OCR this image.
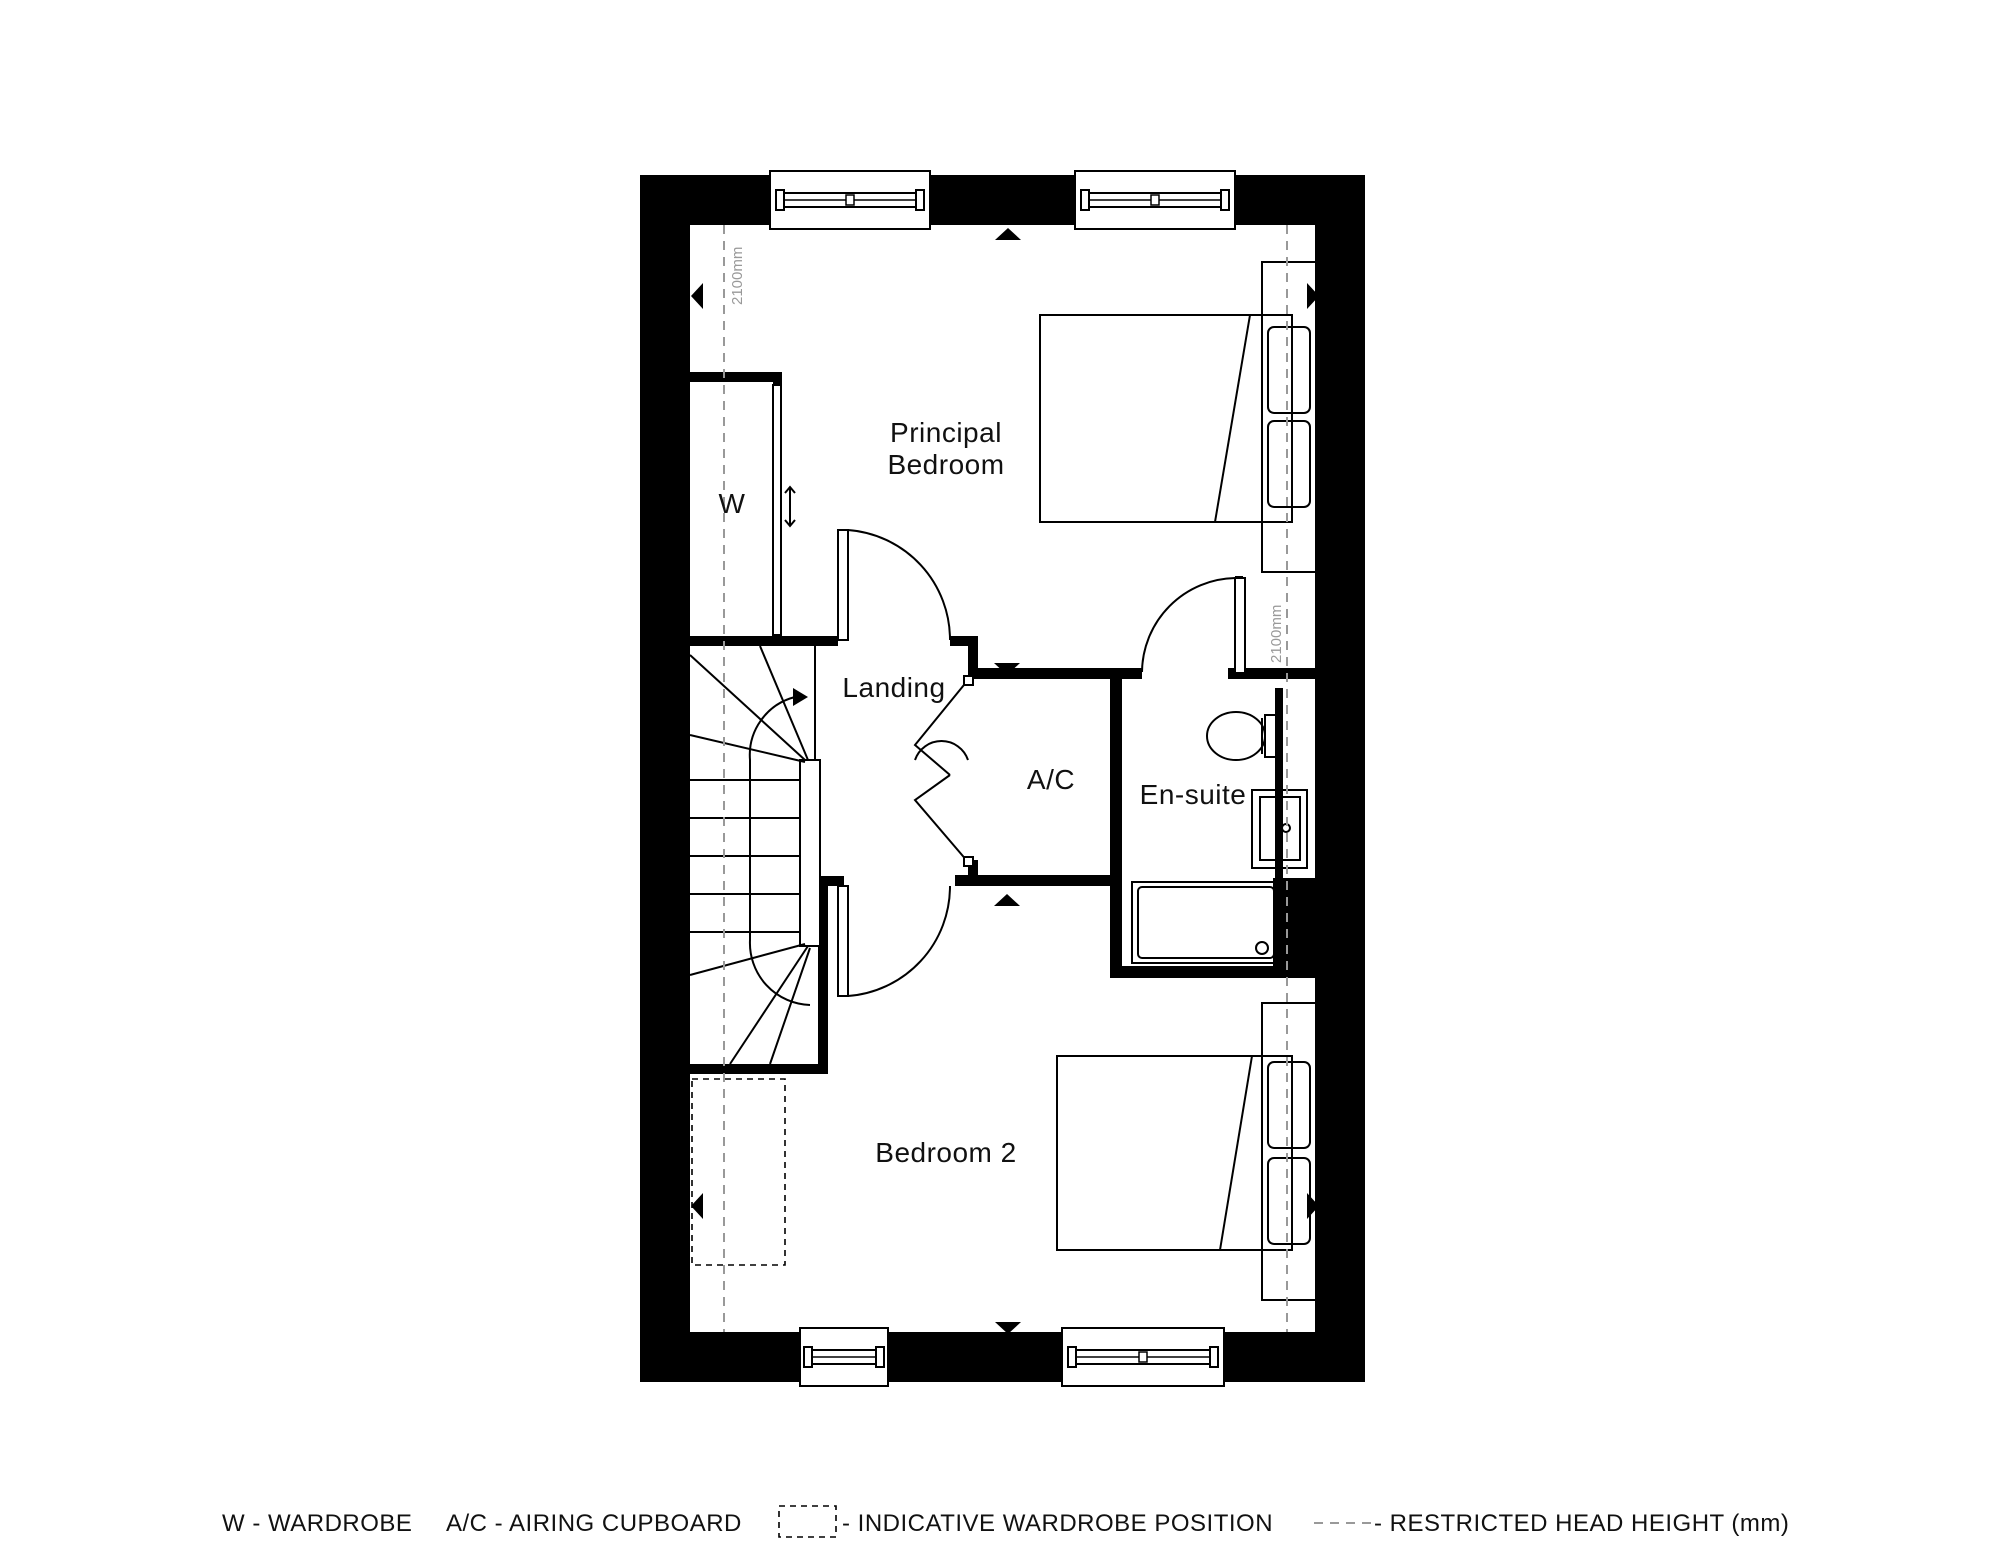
Principal
Bedroom
W
Landing
A/C En-suite
Bedroom 2
2100mm
2100mm
W - WARDROBE A/C - AIRING CUPBOARD	- INDICATIVE WARDROBE POSITION	- RESTRICTED HEAD HEIGHT (mm)
